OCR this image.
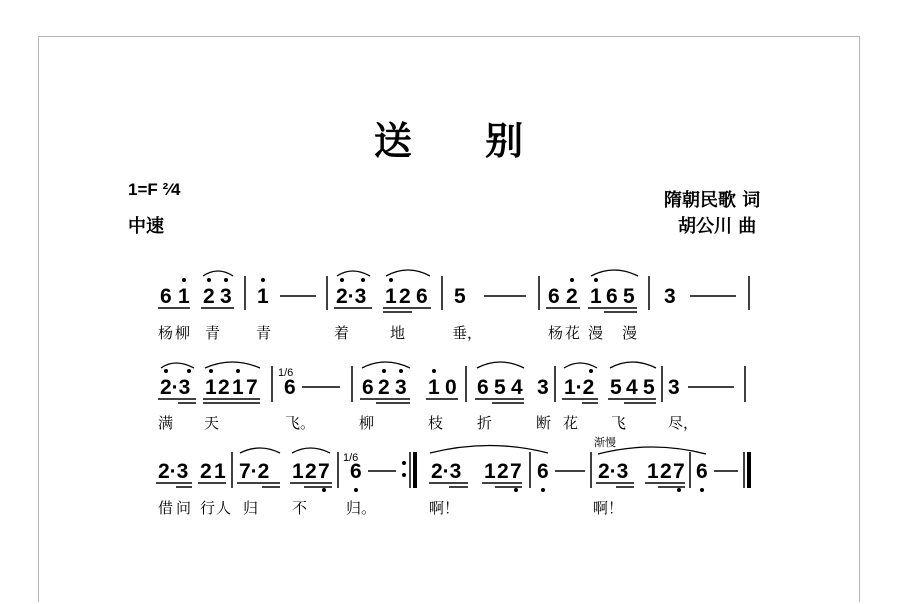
送 别
1=F ²⁄4
中速
隋朝民歌 词
胡公川 曲
6 1 2 3 1	2·3 1 2 6 5	6 2 1 6 5 3
杨 柳 青 青	着	地	垂，	杨 花 漫 漫
2·3 1 2 1 7
1/6
6	6 2 3 1 0 6 5 4 3 1·2 5 4 5 3
满 天	飞。	柳	枝 折	断 花 飞	尽，
2·3 2 1 7·2 1 2 7
1/6
6	2·3 1 2 7 6
渐慢
2·3 1 2 7 6
借 问 行 人 归 不	归。	啊！	啊！
